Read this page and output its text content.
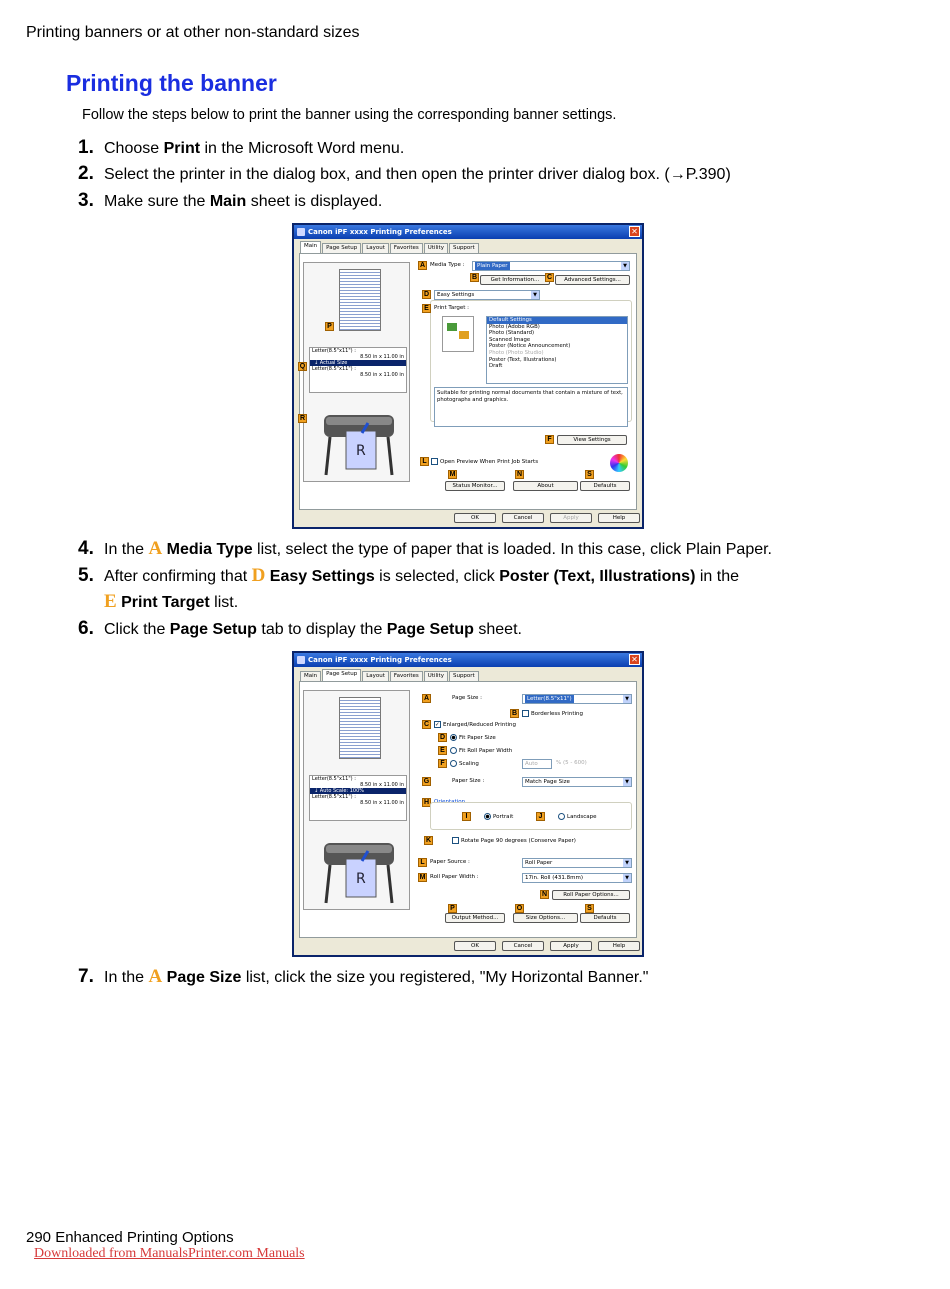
Printing banners or at other non-standard sizes
Printing the banner
Follow the steps below to print the banner using the corresponding banner settings.
1. Choose Print in the Microsoft Word menu.
2. Select the printer in the dialog box, and then open the printer driver dialog box. (→P.390)
3. Make sure the Main sheet is displayed.
Canon iPF xxxx Printing Preferences	✕
Main	Page Setup	Layout	Favorites	Utility	Support
Letter(8.5"x11") :
8.50 in x 11.00 in
↓ Actual Size
Letter(8.5"x11") :
8.50 in x 11.00 in
R
P
Q
R
A Media Type :	Plain Paper	▼
B	Get Information...	C	Advanced Settings...
D	Easy Settings	▼
E Print Target :
Default Settings
Photo (Adobe RGB)
Photo (Standard)
Scanned Image
Poster (Notice Announcement)
Photo (Photo Studio)
Poster (Text, Illustrations)
Draft
Suitable for printing normal documents that contain a mixture of text, photographs and graphics.
F	View Settings
L	Open Preview When Print Job Starts
M	N	S
Status Monitor...	About	Defaults
OK	Cancel	Apply	Help
4. In the A Media Type list, select the type of paper that is loaded. In this case, click Plain Paper.
5. After confirming that D Easy Settings is selected, click Poster (Text, Illustrations) in the
E Print Target list.
6. Click the Page Setup tab to display the Page Setup sheet.
Canon iPF xxxx Printing Preferences	✕
Main	Page Setup	Layout	Favorites	Utility	Support
Letter(8.5"x11") :
8.50 in x 11.00 in
↓ Auto Scale: 100%
Letter(8.5"x11") :
8.50 in x 11.00 in
R
A	Page Size :	Letter(8.5"x11")	▼
B	Borderless Printing
C	✓ Enlarged/Reduced Printing
D	Fit Paper Size
E	Fit Roll Paper Width
F	Scaling	Auto	% (5 - 600)
G	Paper Size :	Match Page Size	▼
H Orientation
I	Portrait	J	Landscape
K	Rotate Page 90 degrees (Conserve Paper)
L Paper Source :	Roll Paper	▼
M Roll Paper Width :	17in. Roll (431.8mm)	▼
N	Roll Paper Options...
P	O	S
Output Method...	Size Options...	Defaults
OK	Cancel	Apply	Help
7. In the A Page Size list, click the size you registered, "My Horizontal Banner."
290 Enhanced Printing Options
Downloaded from ManualsPrinter.com Manuals
